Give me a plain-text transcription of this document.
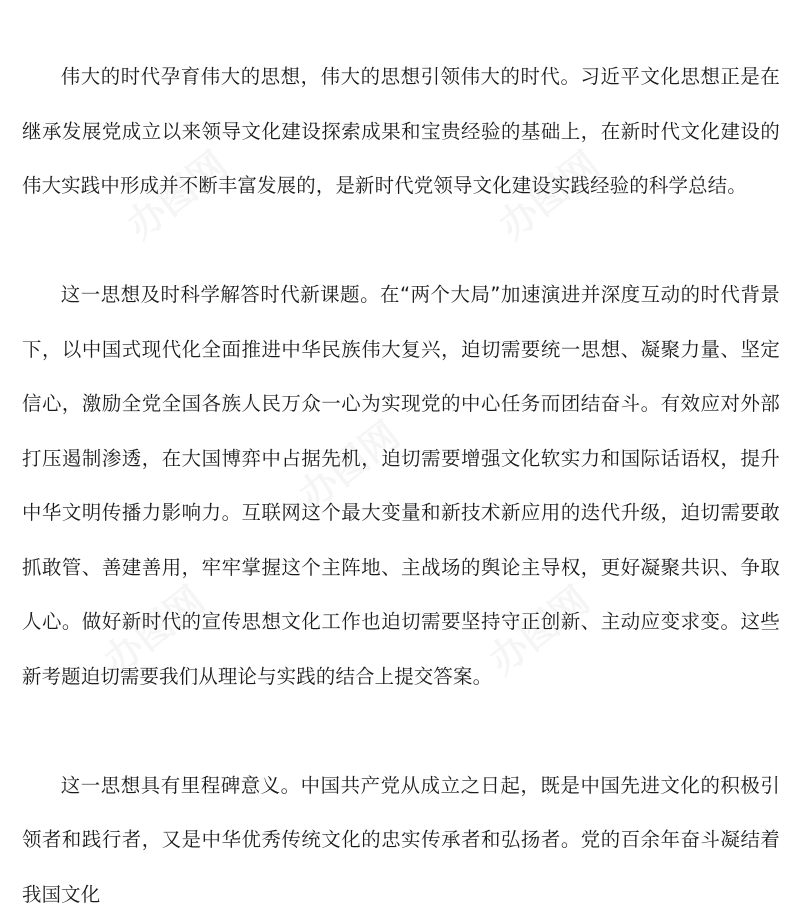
办图网	办图网
办图网
办图网	办图网

伟大的时代孕育伟大的思想，伟大的思想引领伟大的时代。习近平文化思想正是在继承发展党成立以来领导文化建设探索成果和宝贵经验的基础上，在新时代文化建设的伟大实践中形成并不断丰富发展的，是新时代党领导文化建设实践经验的科学总结。

这一思想及时科学解答时代新课题。在“两个大局”加速演进并深度互动的时代背景下，以中国式现代化全面推进中华民族伟大复兴，迫切需要统一思想、凝聚力量、坚定信心，激励全党全国各族人民万众一心为实现党的中心任务而团结奋斗。有效应对外部打压遏制渗透，在大国博弈中占据先机，迫切需要增强文化软实力和国际话语权，提升中华文明传播力影响力。互联网这个最大变量和新技术新应用的迭代升级，迫切需要敢抓敢管、善建善用，牢牢掌握这个主阵地、主战场的舆论主导权，更好凝聚共识、争取人心。做好新时代的宣传思想文化工作也迫切需要坚持守正创新、主动应变求变。这些新考题迫切需要我们从理论与实践的结合上提交答案。

这一思想具有里程碑意义。中国共产党从成立之日起，既是中国先进文化的积极引领者和践行者，又是中华优秀传统文化的忠实传承者和弘扬者。党的百余年奋斗凝结着我国文化
